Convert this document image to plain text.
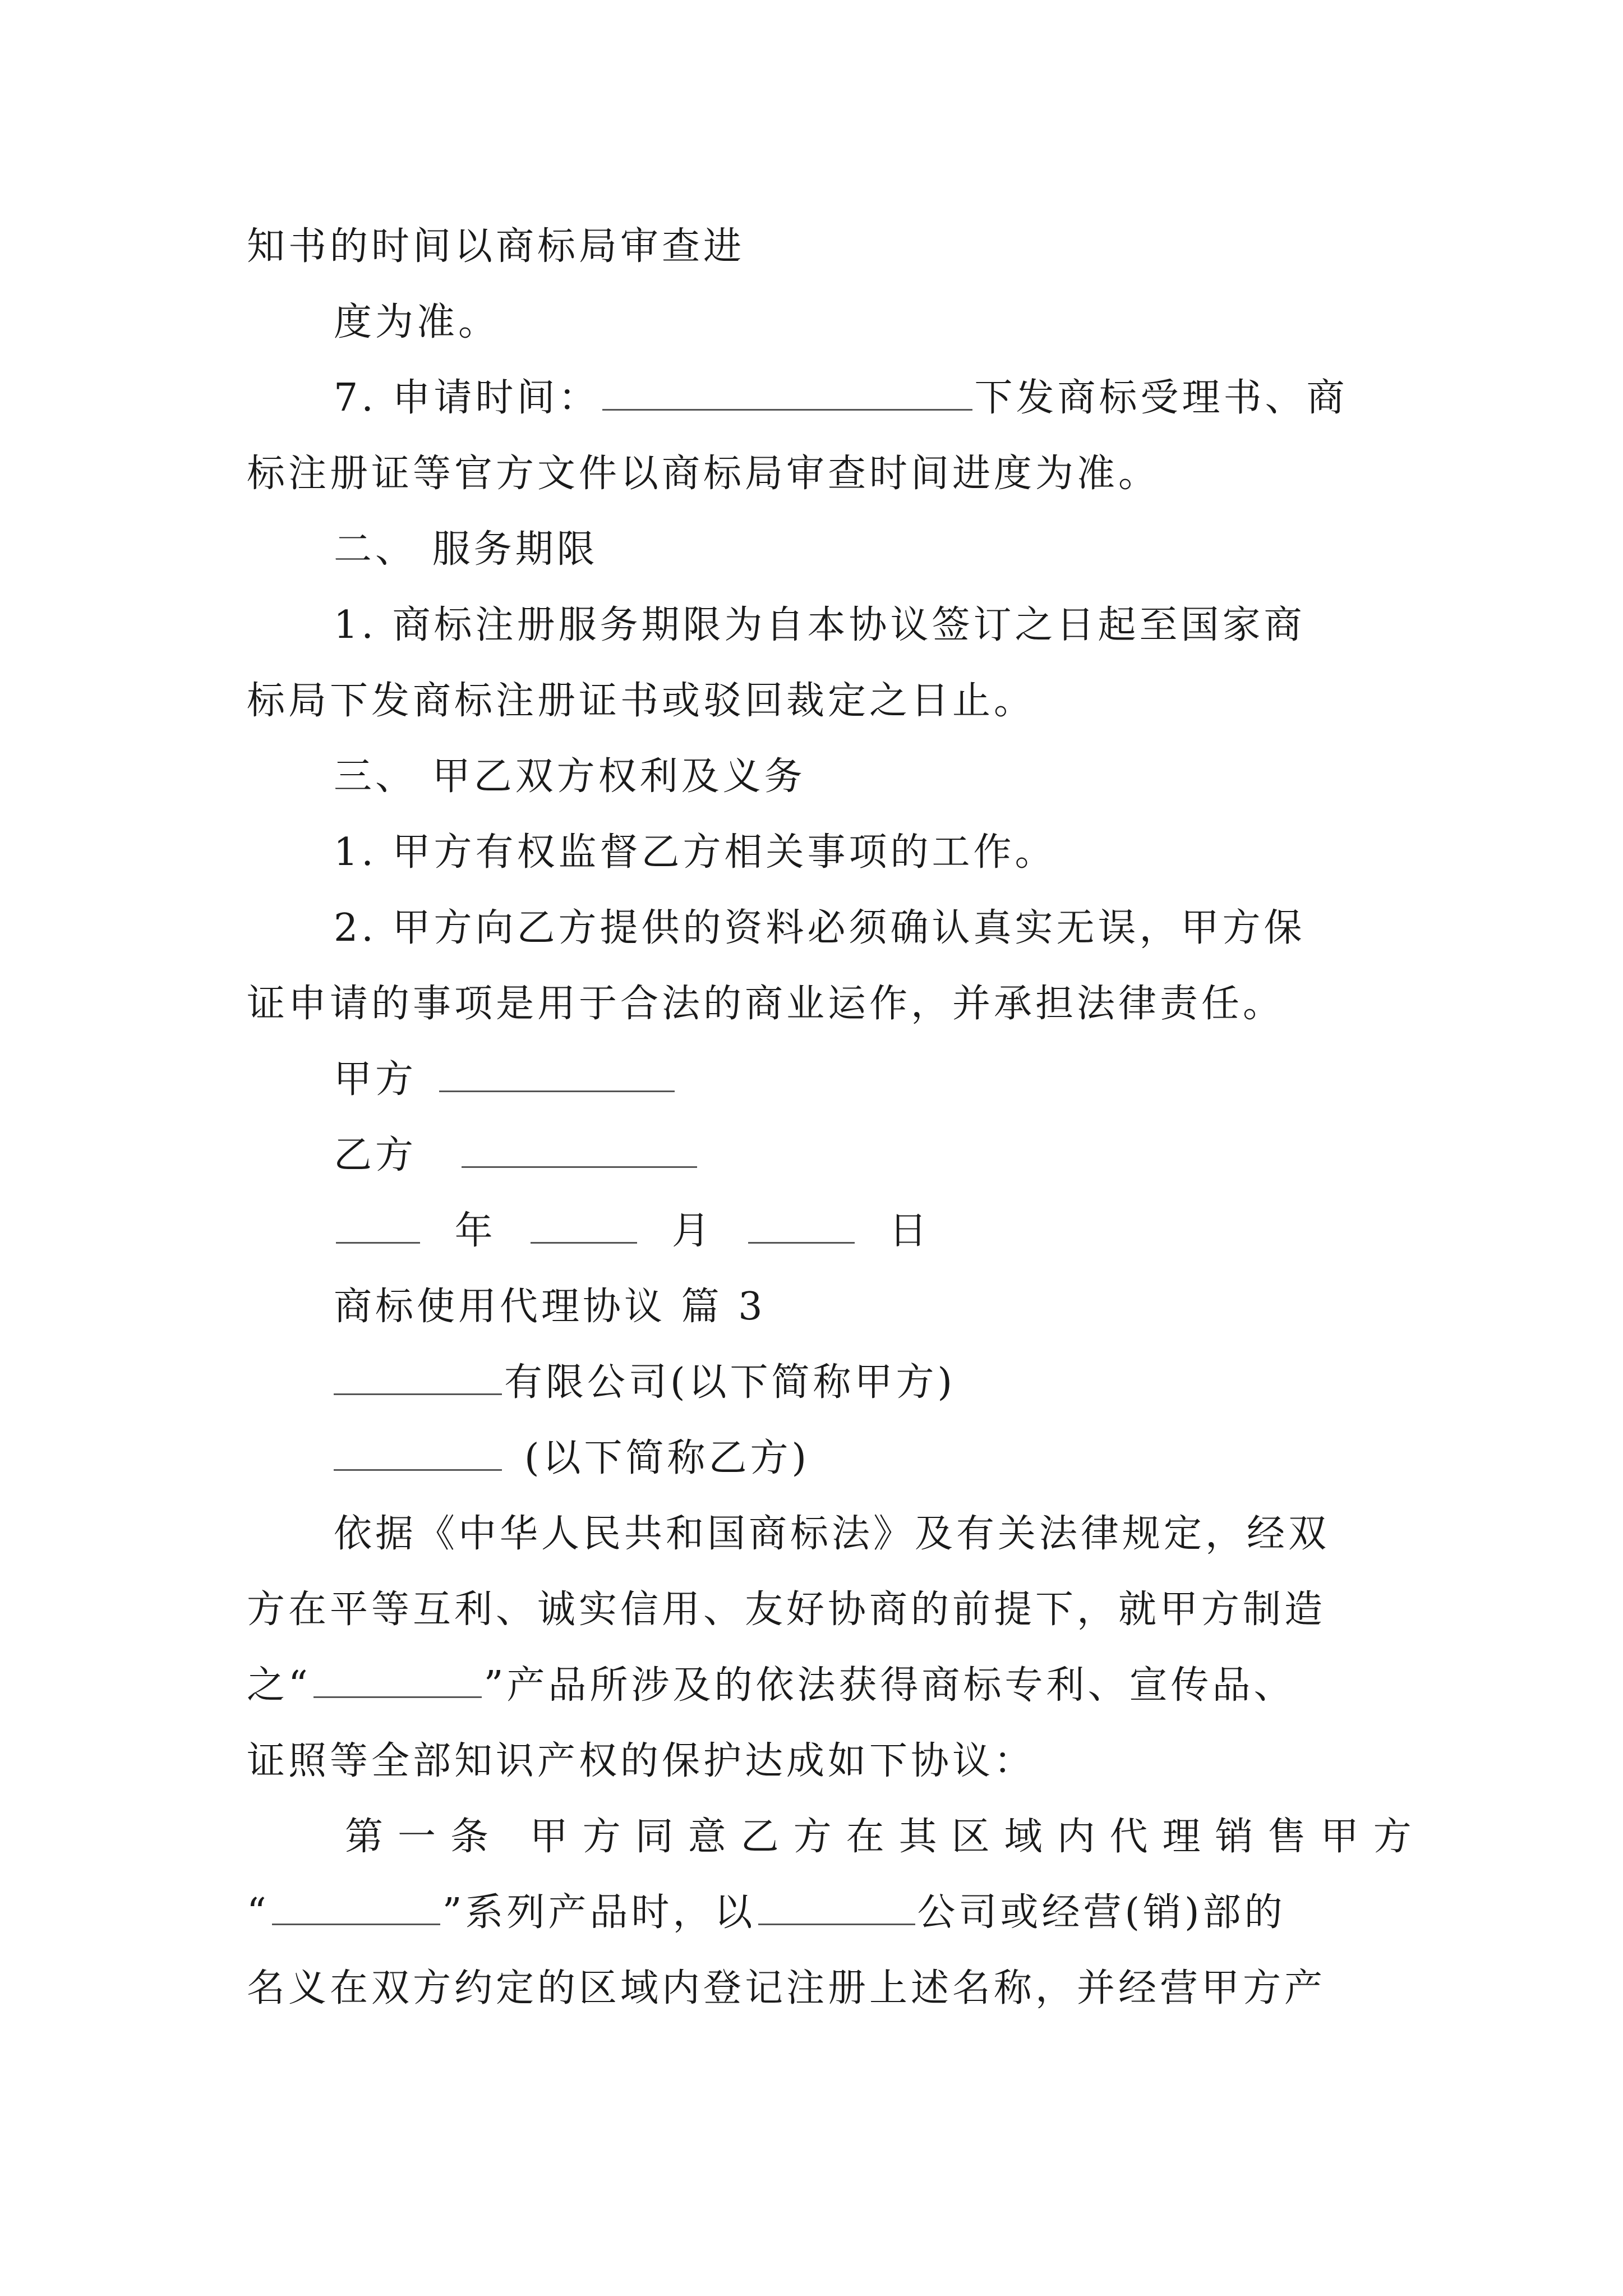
知书的时间以商标局审查进
度为准。
7. 申请时间：	下发商标受理书、商
标注册证等官方文件以商标局审查时间进度为准。
二、 服务期限
1. 商标注册服务期限为自本协议签订之日起至国家商
标局下发商标注册证书或驳回裁定之日止。
三、 甲乙双方权利及义务
1. 甲方有权监督乙方相关事项的工作。
2. 甲方向乙方提供的资料必须确认真实无误，甲方保
证申请的事项是用于合法的商业运作，并承担法律责任。
甲方
乙方
年	月	日
商标使用代理协议 篇 3
有限公司(以下简称甲方)
(以下简称乙方)
依据《中华人民共和国商标法》及有关法律规定，经双
方在平等互利、诚实信用、友好协商的前提下，就甲方制造
之“	”产品所涉及的依法获得商标专利、宣传品、
证照等全部知识产权的保护达成如下协议：
第一条 甲方同意乙方在其区域内代理销售甲方
“	”系列产品时，以	公司或经营(销)部的
名义在双方约定的区域内登记注册上述名称，并经营甲方产
